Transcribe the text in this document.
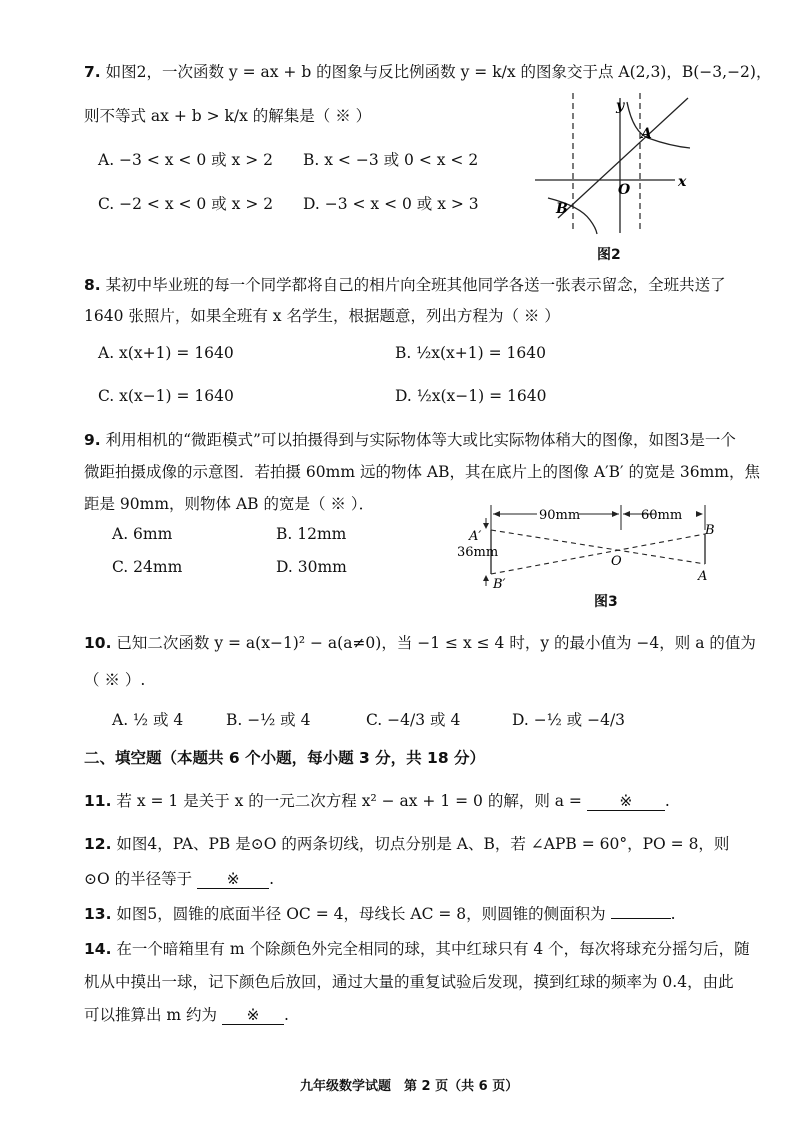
7. 如图2，一次函数 y = ax + b 的图象与反比例函数 y = k/x 的图象交于点 A(2,3)，B(−3,−2)，
则不等式 ax + b > k/x 的解集是（ ※ ）
A. −3 < x < 0 或 x > 2 B. x < −3 或 0 < x < 2
C. −2 < x < 0 或 x > 2 D. −3 < x < 0 或 x > 3
y
x
O
A
B
图2
8. 某初中毕业班的每一个同学都将自己的相片向全班其他同学各送一张表示留念，全班共送了
1640 张照片，如果全班有 x 名学生，根据题意，列出方程为（ ※ ）
A. x(x+1) = 1640	B. ½x(x+1) = 1640
C. x(x−1) = 1640	D. ½x(x−1) = 1640
9. 利用相机的“微距模式”可以拍摄得到与实际物体等大或比实际物体稍大的图像，如图3是一个
微距拍摄成像的示意图．若拍摄 60mm 远的物体 AB，其在底片上的图像 A′B′ 的宽是 36mm，焦
距是 90mm，则物体 AB 的宽是（ ※ ）．
A. 6mm	B. 12mm
C. 24mm	D. 30mm
90mm	60mm
36mm
A′
B′
O
B
A
图3
10. 已知二次函数 y = a(x−1)² − a(a≠0)，当 −1 ≤ x ≤ 4 时，y 的最小值为 −4，则 a 的值为
（ ※ ）.
A. ½ 或 4	B. −½ 或 4	C. −4/3 或 4	D. −½ 或 −4/3
二、填空题（本题共 6 个小题，每小题 3 分，共 18 分）
11. 若 x = 1 是关于 x 的一元二次方程 x² − ax + 1 = 0 的解，则 a = ※ .
12. 如图4，PA、PB 是⊙O 的两条切线，切点分别是 A、B，若 ∠APB = 60°，PO = 8，则
⊙O 的半径等于 ※ .
13. 如图5，圆锥的底面半径 OC = 4，母线长 AC = 8，则圆锥的侧面积为	.
14. 在一个暗箱里有 m 个除颜色外完全相同的球，其中红球只有 4 个，每次将球充分摇匀后，随
机从中摸出一球，记下颜色后放回，通过大量的重复试验后发现，摸到红球的频率为 0.4，由此
可以推算出 m 约为 ※ .
九年级数学试题　第 2 页（共 6 页）
